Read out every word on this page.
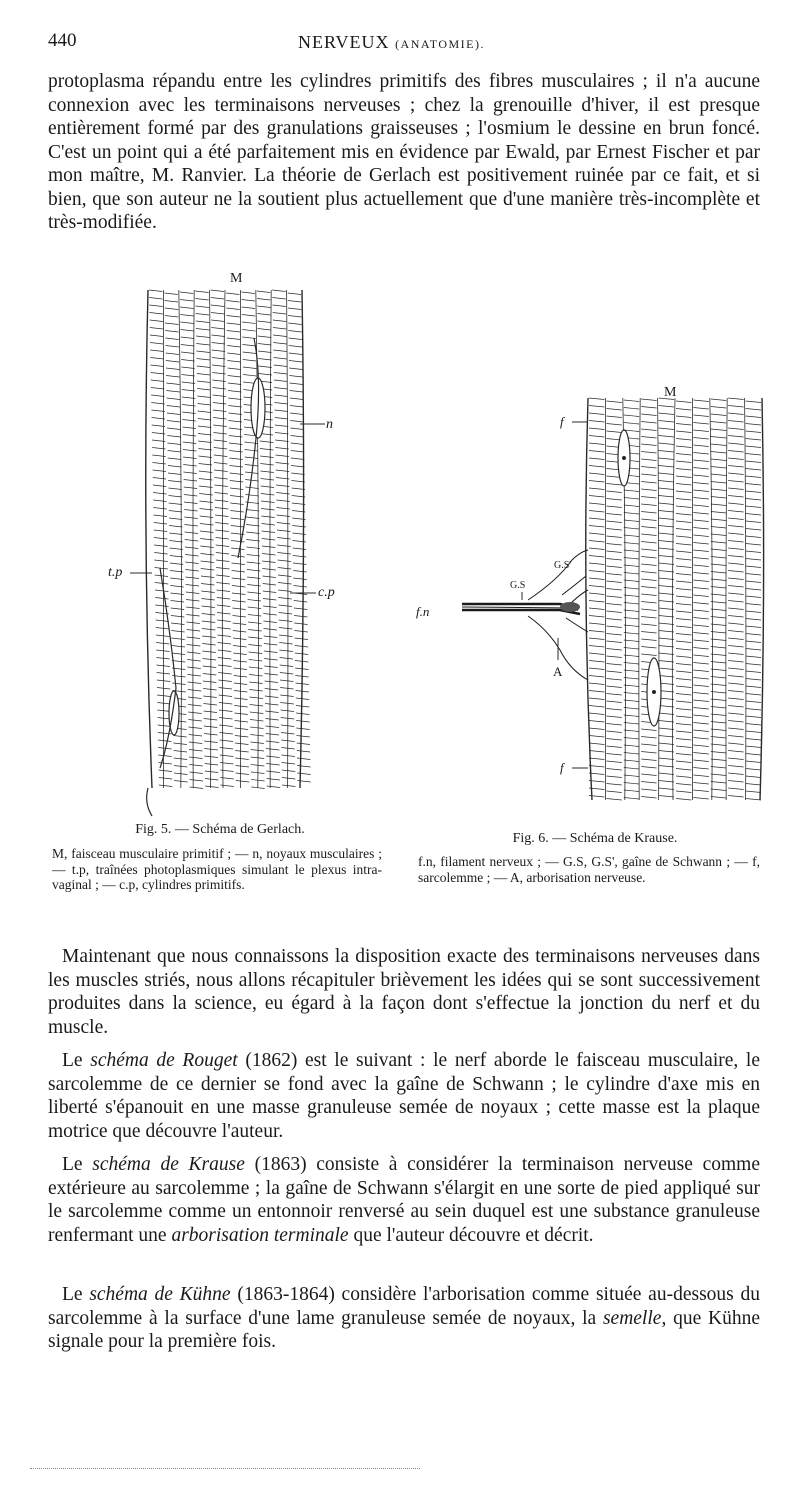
440	NERVEUX (ANATOMIE).

protoplasma répandu entre les cylindres primitifs des fibres musculaires ; il n'a aucune connexion avec les terminaisons nerveuses ; chez la grenouille d'hiver, il est presque entièrement formé par des granulations graisseuses ; l'osmium le dessine en brun foncé. C'est un point qui a été parfaitement mis en évidence par Ewald, par Ernest Fischer et par mon maître, M. Ranvier. La théorie de Gerlach est positivement ruinée par ce fait, et si bien, que son auteur ne la soutient plus actuellement que d'une manière très-incomplète et très-modifiée.

M
n
t.p
c.p
M
f
G.S'
G.S
f.n
A
f
Fig. 5. — Schéma de Gerlach.

M, faisceau musculaire primitif ; — n, noyaux musculaires ; — t.p, traînées photoplasmiques simulant le plexus intra-vaginal ; — c.p, cylindres primitifs.

Fig. 6. — Schéma de Krause.

f.n, filament nerveux ; — G.S, G.S', gaîne de Schwann ; — f, sarcolemme ; — A, arborisation nerveuse.

Maintenant que nous connaissons la disposition exacte des terminaisons nerveuses dans les muscles striés, nous allons récapituler brièvement les idées qui se sont successivement produites dans la science, eu égard à la façon dont s'effectue la jonction du nerf et du muscle.

Le schéma de Rouget (1862) est le suivant : le nerf aborde le faisceau musculaire, le sarcolemme de ce dernier se fond avec la gaîne de Schwann ; le cylindre d'axe mis en liberté s'épanouit en une masse granuleuse semée de noyaux ; cette masse est la plaque motrice que découvre l'auteur.

Le schéma de Krause (1863) consiste à considérer la terminaison nerveuse comme extérieure au sarcolemme ; la gaîne de Schwann s'élargit en une sorte de pied appliqué sur le sarcolemme comme un entonnoir renversé au sein duquel est une substance granuleuse renfermant une arborisation terminale que l'auteur découvre et décrit.

Le schéma de Kühne (1863-1864) considère l'arborisation comme située au-dessous du sarcolemme à la surface d'une lame granuleuse semée de noyaux, la semelle, que Kühne signale pour la première fois.
